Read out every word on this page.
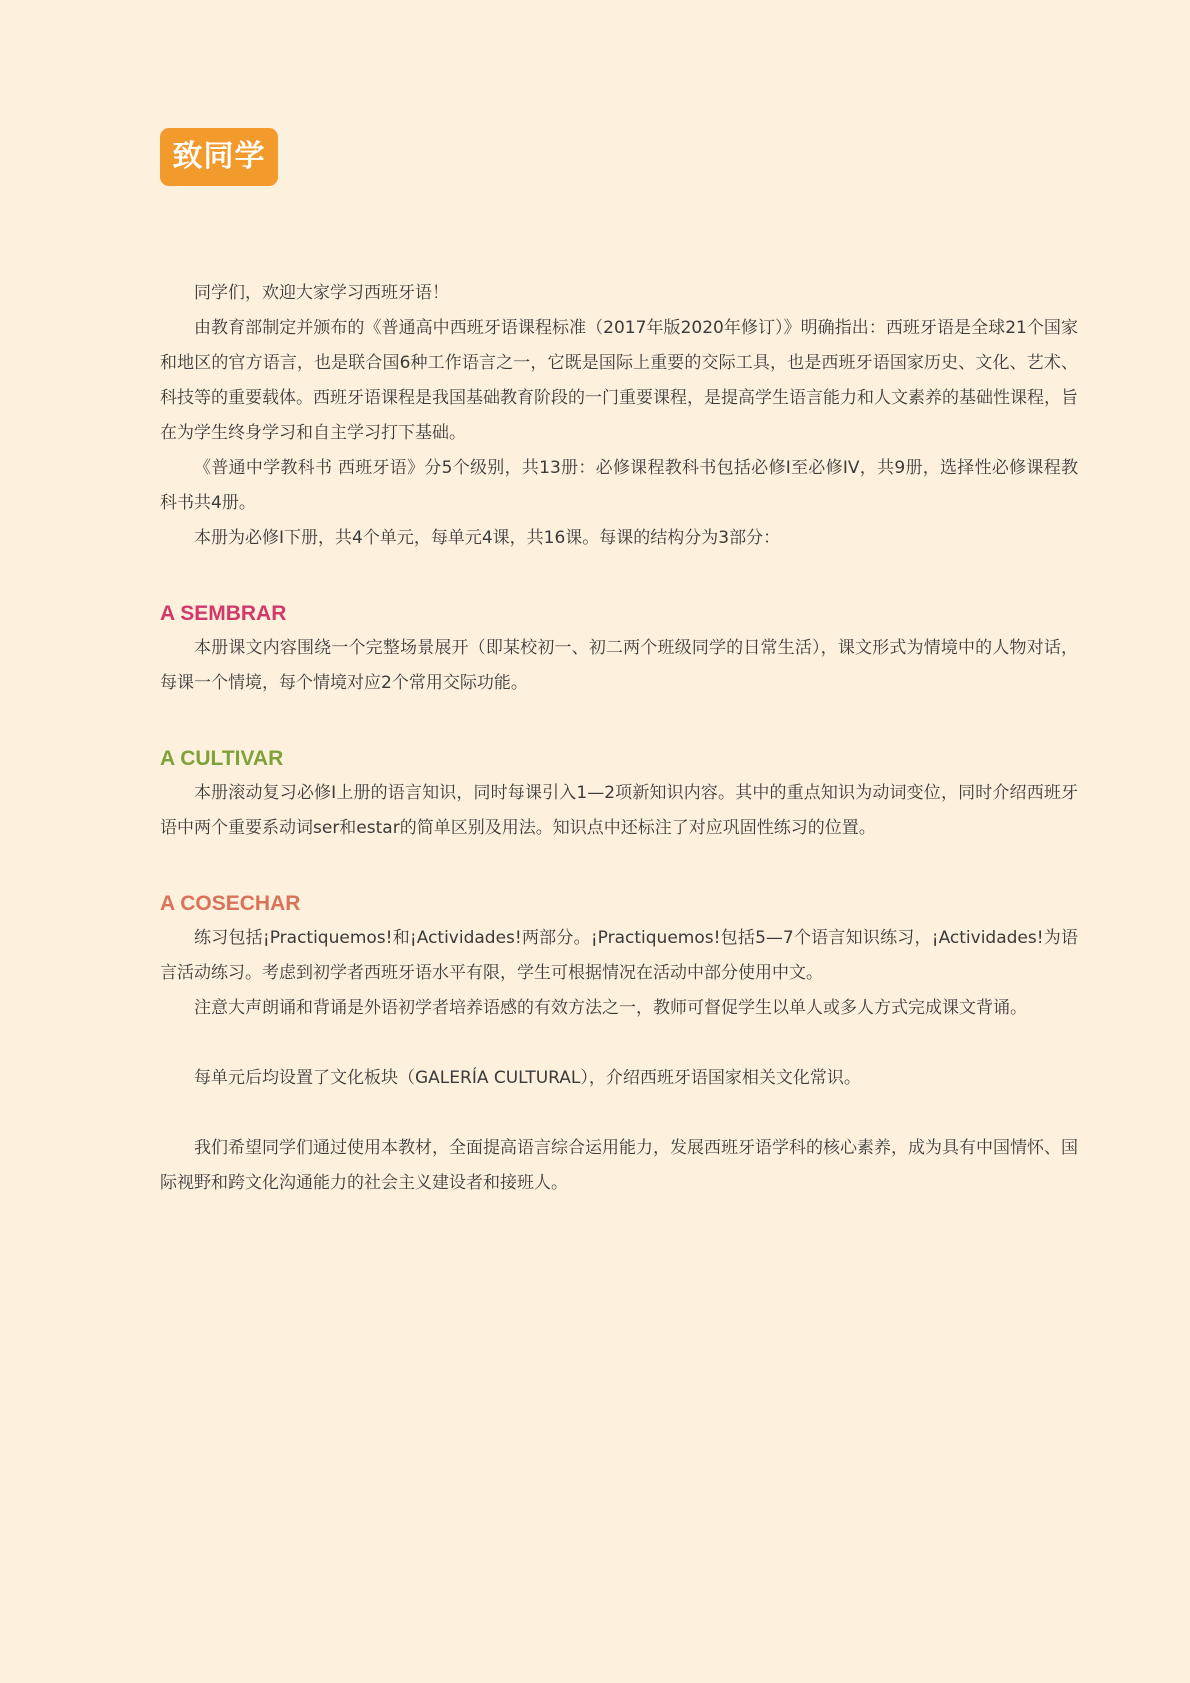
致同学

同学们，欢迎大家学习西班牙语！

由教育部制定并颁布的《普通高中西班牙语课程标准（2017年版2020年修订）》明确指出：西班牙语是全球21个国家和地区的官方语言，也是联合国6种工作语言之一，它既是国际上重要的交际工具，也是西班牙语国家历史、文化、艺术、科技等的重要载体。西班牙语课程是我国基础教育阶段的一门重要课程，是提高学生语言能力和人文素养的基础性课程，旨在为学生终身学习和自主学习打下基础。

《普通中学教科书 西班牙语》分5个级别，共13册：必修课程教科书包括必修I至必修IV，共9册，选择性必修课程教科书共4册。

本册为必修I下册，共4个单元，每单元4课，共16课。每课的结构分为3部分：

A SEMBRAR

本册课文内容围绕一个完整场景展开（即某校初一、初二两个班级同学的日常生活），课文形式为情境中的人物对话，每课一个情境，每个情境对应2个常用交际功能。

A CULTIVAR

本册滚动复习必修I上册的语言知识，同时每课引入1—2项新知识内容。其中的重点知识为动词变位，同时介绍西班牙语中两个重要系动词ser和estar的简单区别及用法。知识点中还标注了对应巩固性练习的位置。

A COSECHAR

练习包括¡Practiquemos!和¡Actividades!两部分。¡Practiquemos!包括5—7个语言知识练习，¡Actividades!为语言活动练习。考虑到初学者西班牙语水平有限，学生可根据情况在活动中部分使用中文。

注意大声朗诵和背诵是外语初学者培养语感的有效方法之一，教师可督促学生以单人或多人方式完成课文背诵。

每单元后均设置了文化板块（GALERÍA CULTURAL），介绍西班牙语国家相关文化常识。

我们希望同学们通过使用本教材，全面提高语言综合运用能力，发展西班牙语学科的核心素养，成为具有中国情怀、国际视野和跨文化沟通能力的社会主义建设者和接班人。
